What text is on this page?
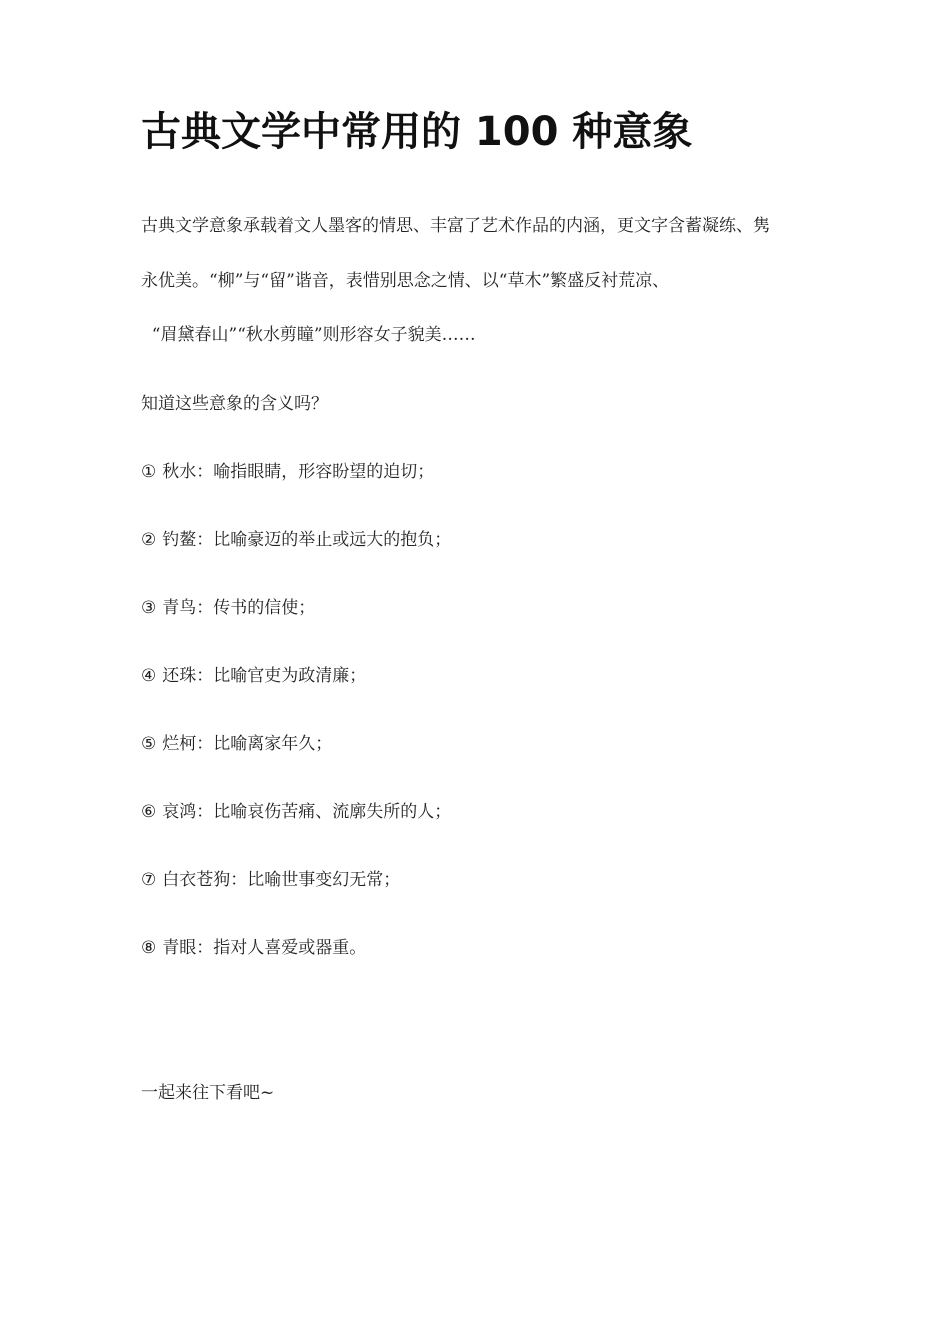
古典文学中常用的 100 种意象
古典文学意象承载着文人墨客的情思、丰富了艺术作品的内涵，更文字含蓄凝练、隽
永优美。“柳”与“留”谐音，表惜别思念之情、以“草木”繁盛反衬荒凉、
“眉黛春山”“秋水剪瞳”则形容女子貌美……
知道这些意象的含义吗？
① 秋水：喻指眼睛，形容盼望的迫切；
② 钓鳌：比喻豪迈的举止或远大的抱负；
③ 青鸟：传书的信使；
④ 还珠：比喻官吏为政清廉；
⑤ 烂柯：比喻离家年久；
⑥ 哀鸿：比喻哀伤苦痛、流廓失所的人；
⑦ 白衣苍狗：比喻世事变幻无常；
⑧ 青眼：指对人喜爱或器重。
一起来往下看吧~
